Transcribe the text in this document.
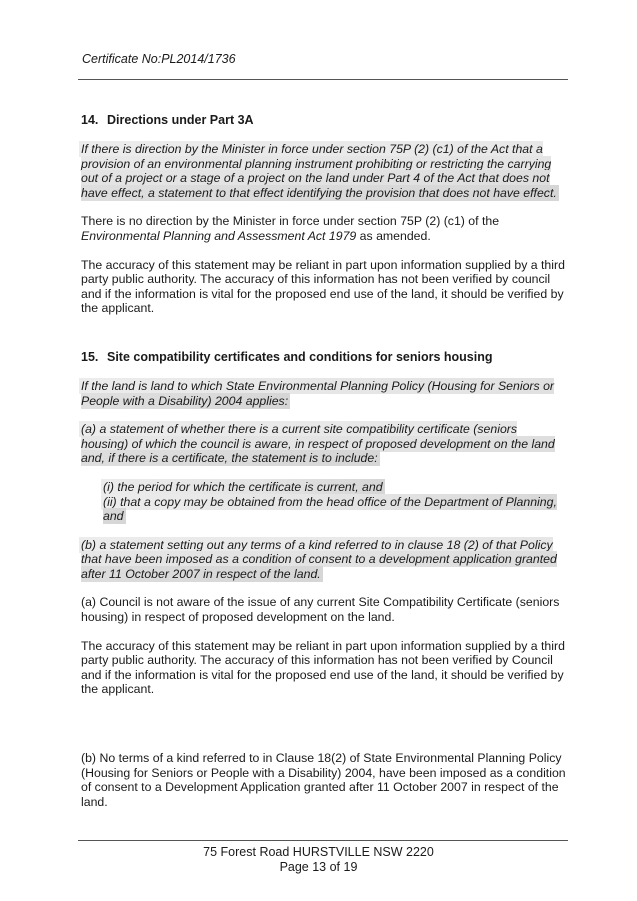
Certificate No:PL2014/1736
14. Directions under Part 3A

If there is direction by the Minister in force under section 75P (2) (c1) of the Act that a provision of an environmental planning instrument prohibiting or restricting the carrying out of a project or a stage of a project on the land under Part 4 of the Act that does not have effect, a statement to that effect identifying the provision that does not have effect.

There is no direction by the Minister in force under section 75P (2) (c1) of the Environmental Planning and Assessment Act 1979 as amended.

The accuracy of this statement may be reliant in part upon information supplied by a third party public authority. The accuracy of this information has not been verified by council and if the information is vital for the proposed end use of the land, it should be verified by the applicant.

15. Site compatibility certificates and conditions for seniors housing

If the land is land to which State Environmental Planning Policy (Housing for Seniors or People with a Disability) 2004 applies:

(a) a statement of whether there is a current site compatibility certificate (seniors housing) of which the council is aware, in respect of proposed development on the land and, if there is a certificate, the statement is to include:

(i) the period for which the certificate is current, and

(ii) that a copy may be obtained from the head office of the Department of Planning, and

(b) a statement setting out any terms of a kind referred to in clause 18 (2) of that Policy that have been imposed as a condition of consent to a development application granted after 11 October 2007 in respect of the land.

(a) Council is not aware of the issue of any current Site Compatibility Certificate (seniors housing) in respect of proposed development on the land.

The accuracy of this statement may be reliant in part upon information supplied by a third party public authority. The accuracy of this information has not been verified by Council and if the information is vital for the proposed end use of the land, it should be verified by the applicant.

(b) No terms of a kind referred to in Clause 18(2) of State Environmental Planning Policy (Housing for Seniors or People with a Disability) 2004, have been imposed as a condition of consent to a Development Application granted after 11 October 2007 in respect of the land.

75 Forest Road HURSTVILLE NSW 2220
Page 13 of 19
